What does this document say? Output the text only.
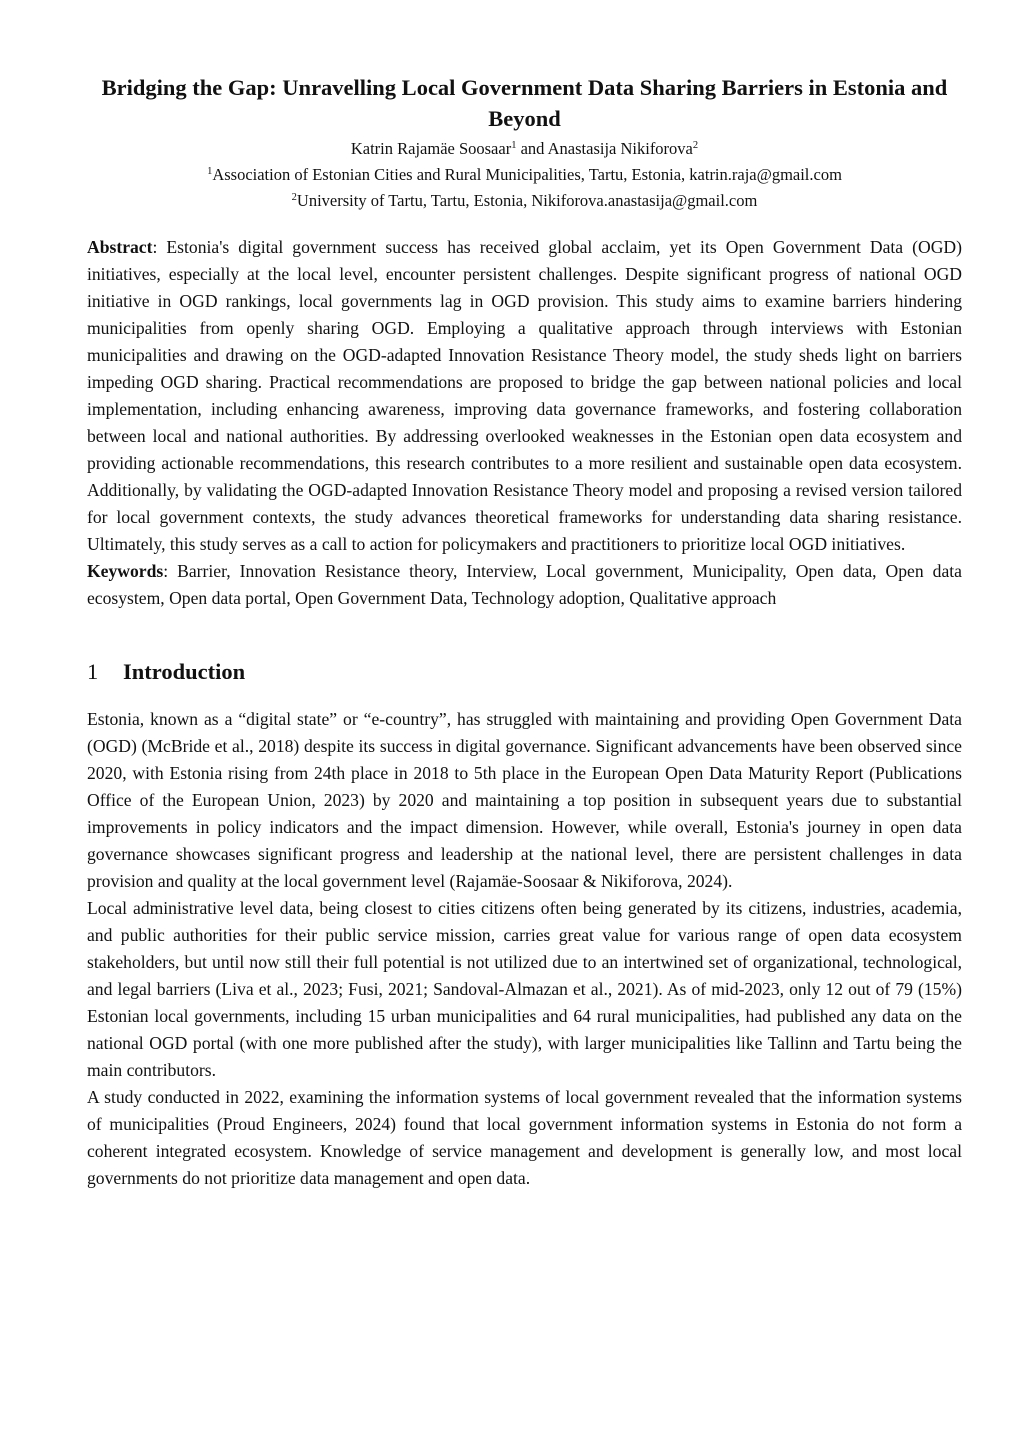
Bridging the Gap: Unravelling Local Government Data Sharing Barriers in Estonia and Beyond

Katrin Rajamäe Soosaar$^1$ and Anastasija Nikiforova$^2$

$^1$Association of Estonian Cities and Rural Municipalities, Tartu, Estonia, katrin.raja@gmail.com

$^2$University of Tartu, Tartu, Estonia, Nikiforova.anastasija@gmail.com

Abstract: Estonia's digital government success has received global acclaim, yet its Open Government Data (OGD) initiatives, especially at the local level, encounter persistent challenges. Despite significant progress of national OGD initiative in OGD rankings, local governments lag in OGD provision. This study aims to examine barriers hindering municipalities from openly sharing OGD. Employing a qualitative approach through interviews with Estonian municipalities and drawing on the OGD-adapted Innovation Resistance Theory model, the study sheds light on barriers impeding OGD sharing. Practical recommendations are proposed to bridge the gap between national policies and local implementation, including enhancing awareness, improving data governance frameworks, and fostering collaboration between local and national authorities. By addressing overlooked weaknesses in the Estonian open data ecosystem and providing actionable recommendations, this research contributes to a more resilient and sustainable open data ecosystem. Additionally, by validating the OGD-adapted Innovation Resistance Theory model and proposing a revised version tailored for local government contexts, the study advances theoretical frameworks for understanding data sharing resistance. Ultimately, this study serves as a call to action for policymakers and practitioners to prioritize local OGD initiatives.

Keywords: Barrier, Innovation Resistance theory, Interview, Local government, Municipality, Open data, Open data ecosystem, Open data portal, Open Government Data, Technology adoption, Qualitative approach

1	Introduction

Estonia, known as a “digital state” or “e-country”, has struggled with maintaining and providing Open Government Data (OGD) (McBride et al., 2018) despite its success in digital governance. Significant advancements have been observed since 2020, with Estonia rising from 24th place in 2018 to 5th place in the European Open Data Maturity Report (Publications Office of the European Union, 2023) by 2020 and maintaining a top position in subsequent years due to substantial improvements in policy indicators and the impact dimension. However, while overall, Estonia's journey in open data governance showcases significant progress and leadership at the national level, there are persistent challenges in data provision and quality at the local government level (Rajamäe-Soosaar & Nikiforova, 2024).

Local administrative level data, being closest to cities citizens often being generated by its citizens, industries, academia, and public authorities for their public service mission, carries great value for various range of open data ecosystem stakeholders, but until now still their full potential is not utilized due to an intertwined set of organizational, technological, and legal barriers (Liva et al., 2023; Fusi, 2021; Sandoval-Almazan et al., 2021). As of mid-2023, only 12 out of 79 (15%) Estonian local governments, including 15 urban municipalities and 64 rural municipalities, had published any data on the national OGD portal (with one more published after the study), with larger municipalities like Tallinn and Tartu being the main contributors.

A study conducted in 2022, examining the information systems of local government revealed that the information systems of municipalities (Proud Engineers, 2024) found that local government information systems in Estonia do not form a coherent integrated ecosystem. Knowledge of service management and development is generally low, and most local governments do not prioritize data management and open data.
